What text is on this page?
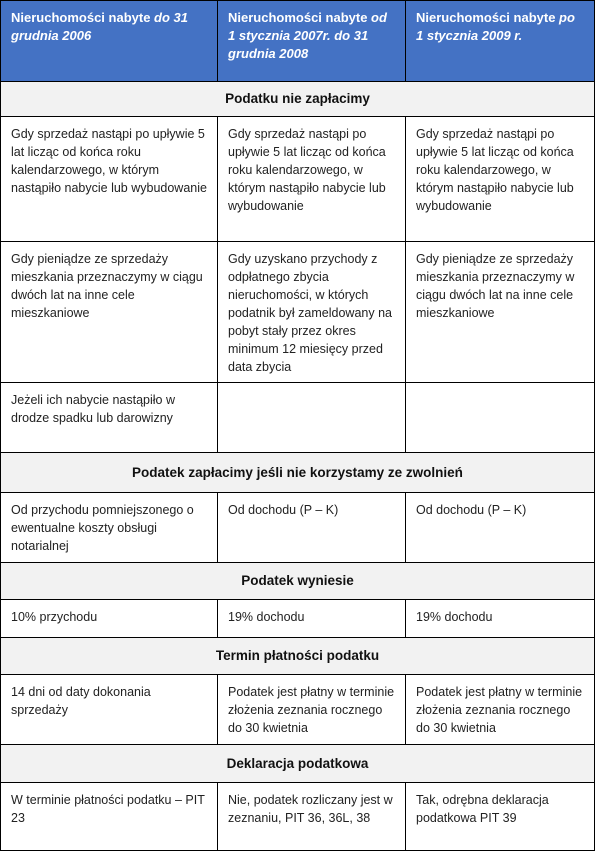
Nieruchomości nabyte do 31 grudnia 2006	Nieruchomości nabyte od 1 stycznia 2007r. do 31 grudnia 2008	Nieruchomości nabyte po 1 stycznia 2009 r.
Podatku nie zapłacimy		
Gdy sprzedaż nastąpi po upływie 5 lat licząc od końca roku kalendarzowego, w którym nastąpiło nabycie lub wybudowanie	Gdy sprzedaż nastąpi po upływie 5 lat licząc od końca roku kalendarzowego, w którym nastąpiło nabycie lub wybudowanie	Gdy sprzedaż nastąpi po upływie 5 lat licząc od końca roku kalendarzowego, w którym nastąpiło nabycie lub wybudowanie
Gdy pieniądze ze sprzedaży mieszkania przeznaczymy w ciągu dwóch lat na inne cele mieszkaniowe	Gdy uzyskano przychody z odpłatnego zbycia nieruchomości, w których podatnik był zameldowany na pobyt stały przez okres minimum 12 miesięcy przed data zbycia	Gdy pieniądze ze sprzedaży mieszkania przeznaczymy w ciągu dwóch lat na inne cele mieszkaniowe
Jeżeli ich nabycie nastąpiło w drodze spadku lub darowizny		
Podatek zapłacimy jeśli nie korzystamy ze zwolnień		
Od przychodu pomniejszonego o ewentualne koszty obsługi notarialnej	Od dochodu (P – K)	Od dochodu (P – K)
Podatek wyniesie		
10% przychodu	19% dochodu	19% dochodu
Termin płatności podatku		
14 dni od daty dokonania sprzedaży	Podatek jest płatny w terminie złożenia zeznania rocznego do 30 kwietnia	Podatek jest płatny w terminie złożenia zeznania rocznego do 30 kwietnia
Deklaracja podatkowa		
W terminie płatności podatku – PIT 23	Nie, podatek rozliczany jest w zeznaniu, PIT 36, 36L, 38	Tak, odrębna deklaracja podatkowa PIT 39
